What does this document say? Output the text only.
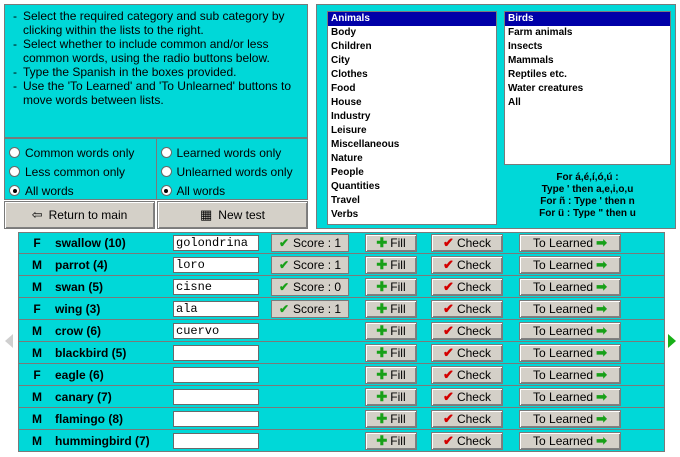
- Select the required category and sub category by clicking within the lists to the right.
- Select whether to include common and/or less common words, using the radio buttons below.
- Type the Spanish in the boxes provided.
- Use the 'To Learned' and 'To Unlearned' buttons to move words between lists.
Common words only
Less common only
All words
Learned words only
Unlearned words only
All words
⇦ Return to main	▦ New test
Animals
Body
Children
City
Clothes
Food
House
Industry
Leisure
Miscellaneous
Nature
People
Quantities
Travel
Verbs
Birds
Farm animals
Insects
Mammals
Reptiles etc.
Water creatures
All
For á,é,í,ó,ú :
Type ' then a,e,i,o,u
For ñ : Type ' then n
For ü : Type " then u
F	swallow (10)	golondrina	✔ Score : 1	✚ Fill	✔ Check	To Learned ➡
M	parrot (4)	loro	✔ Score : 1	✚ Fill	✔ Check	To Learned ➡
M	swan (5)	cisne	✔ Score : 0	✚ Fill	✔ Check	To Learned ➡
F	wing (3)	ala	✔ Score : 1	✚ Fill	✔ Check	To Learned ➡
M	crow (6)	cuervo	✚ Fill	✔ Check	To Learned ➡
M	blackbird (5)	✚ Fill	✔ Check	To Learned ➡
F	eagle (6)	✚ Fill	✔ Check	To Learned ➡
M	canary (7)	✚ Fill	✔ Check	To Learned ➡
M	flamingo (8)	✚ Fill	✔ Check	To Learned ➡
M	hummingbird (7)	✚ Fill	✔ Check	To Learned ➡
